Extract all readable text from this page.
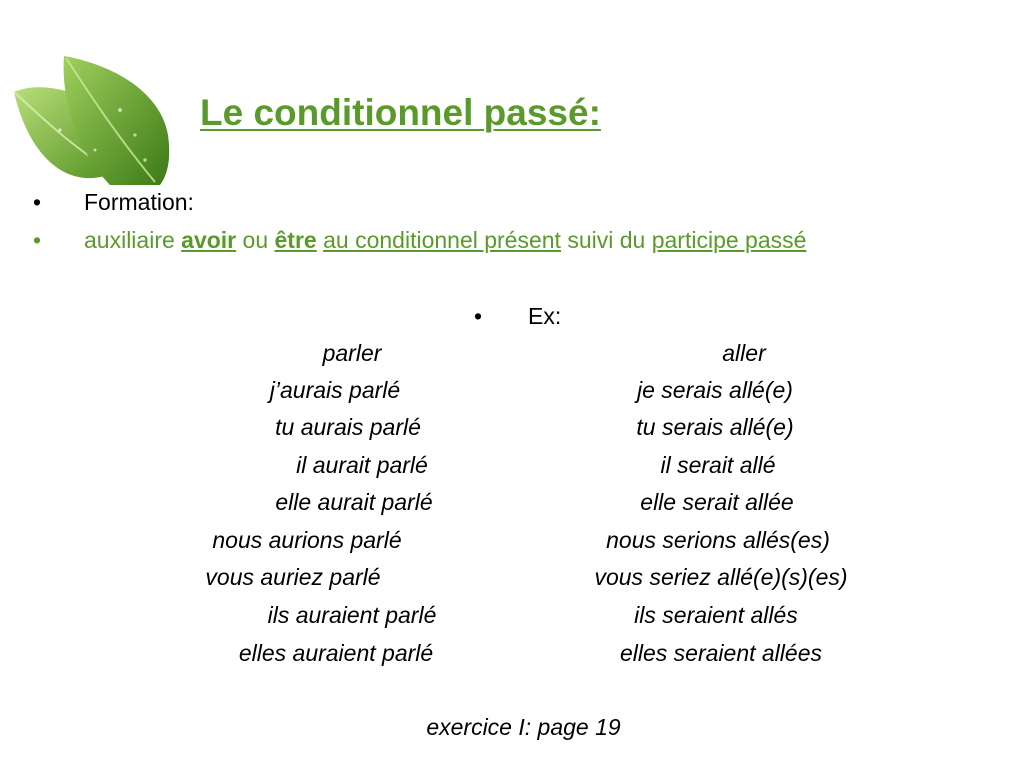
Le conditionnel passé:
• Formation:
• auxiliaire avoir ou être au conditionnel présent suivi du participe passé
• Ex:
parler
j’aurais parlé
tu aurais parlé
il aurait parlé
elle aurait parlé
nous aurions parlé
vous auriez parlé
ils auraient parlé
elles auraient parlé
aller
je serais allé(e)
tu serais allé(e)
il serait allé
elle serait allée
nous serions allés(es)
vous seriez allé(e)(s)(es)
ils seraient allés
elles seraient allées
exercice I: page 19
